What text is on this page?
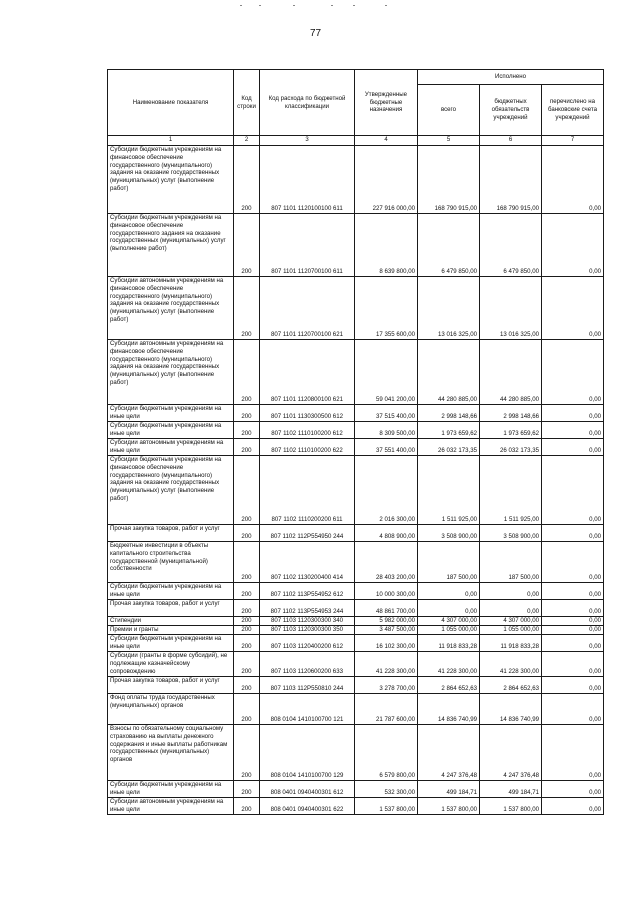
77
Наименование показателя	Код строки	Код расхода по бюджетной классификации	Утвержденные бюджетные назначения	Исполнено		
				всего	бюджетных обязательств учреждений	перечислено на банковские счета учреждений
1	2	3	4	5	6	7
Субсидии бюджетным учреждениям на финансовое обеспечение государственного (муниципального) задания на оказание государственных (муниципальных) услуг (выполнение работ)	200	807 1101 1120100100 611	227 916 000,00	168 790 915,00	168 790 915,00	0,00
Субсидии бюджетным учреждениям на финансовое обеспечение государственного задания на оказание государственных (муниципальных) услуг (выполнение работ)	200	807 1101 1120700100 611	8 639 800,00	6 479 850,00	6 479 850,00	0,00
Субсидии автономным учреждениям на финансовое обеспечение государственного (муниципального) задания на оказание государственных (муниципальных) услуг (выполнение работ)	200	807 1101 1120700100 621	17 355 600,00	13 016 325,00	13 016 325,00	0,00
Субсидии автономным учреждениям на финансовое обеспечение государственного (муниципального) задания на оказание государственных (муниципальных) услуг (выполнение работ)	200	807 1101 1120800100 621	59 041 200,00	44 280 885,00	44 280 885,00	0,00
Субсидии бюджетным учреждениям на иные цели	200	807 1101 1130300500 612	37 515 400,00	2 998 148,66	2 998 148,66	0,00
Субсидии бюджетным учреждениям на иные цели	200	807 1102 1110100200 612	8 309 500,00	1 973 659,62	1 973 659,62	0,00
Субсидии автономным учреждениям на иные цели	200	807 1102 1110100200 622	37 551 400,00	26 032 173,35	26 032 173,35	0,00
Субсидии бюджетным учреждениям на финансовое обеспечение государственного (муниципального) задания на оказание государственных (муниципальных) услуг (выполнение работ)	200	807 1102 1110200200 611	2 016 300,00	1 511 925,00	1 511 925,00	0,00
Прочая закупка товаров, работ и услуг	200	807 1102 112P554950 244	4 808 900,00	3 508 900,00	3 508 900,00	0,00
Бюджетные инвестиции в объекты капитального строительства государственной (муниципальной) собственности	200	807 1102 1130200400 414	28 403 200,00	187 500,00	187 500,00	0,00
Субсидии бюджетным учреждениям на иные цели	200	807 1102 113P554952 612	10 000 300,00	0,00	0,00	0,00
Прочая закупка товаров, работ и услуг	200	807 1102 113P554953 244	48 861 700,00	0,00	0,00	0,00
Стипендии	200	807 1103 1120300300 340	5 982 000,00	4 307 000,00	4 307 000,00	0,00
Премии и гранты	200	807 1103 1120300300 350	3 487 500,00	1 055 000,00	1 055 000,00	0,00
Субсидии бюджетным учреждениям на иные цели	200	807 1103 1120400200 612	16 102 300,00	11 918 833,28	11 918 833,28	0,00
Субсидии (гранты в форме субсидий), не подлежащие казначейскому сопровождению	200	807 1103 1120600200 633	41 228 300,00	41 228 300,00	41 228 300,00	0,00
Прочая закупка товаров, работ и услуг	200	807 1103 112P550810 244	3 278 700,00	2 864 652,63	2 864 652,63	0,00
Фонд оплаты труда государственных (муниципальных) органов	200	808 0104 1410100700 121	21 787 600,00	14 836 740,99	14 836 740,99	0,00
Взносы по обязательному социальному страхованию на выплаты денежного содержания и иные выплаты работникам государственных (муниципальных) органов	200	808 0104 1410100700 129	6 579 800,00	4 247 376,48	4 247 376,48	0,00
Субсидии бюджетным учреждениям на иные цели	200	808 0401 0940400301 612	532 300,00	499 184,71	499 184,71	0,00
Субсидии автономным учреждениям на иные цели	200	808 0401 0940400301 622	1 537 800,00	1 537 800,00	1 537 800,00	0,00
